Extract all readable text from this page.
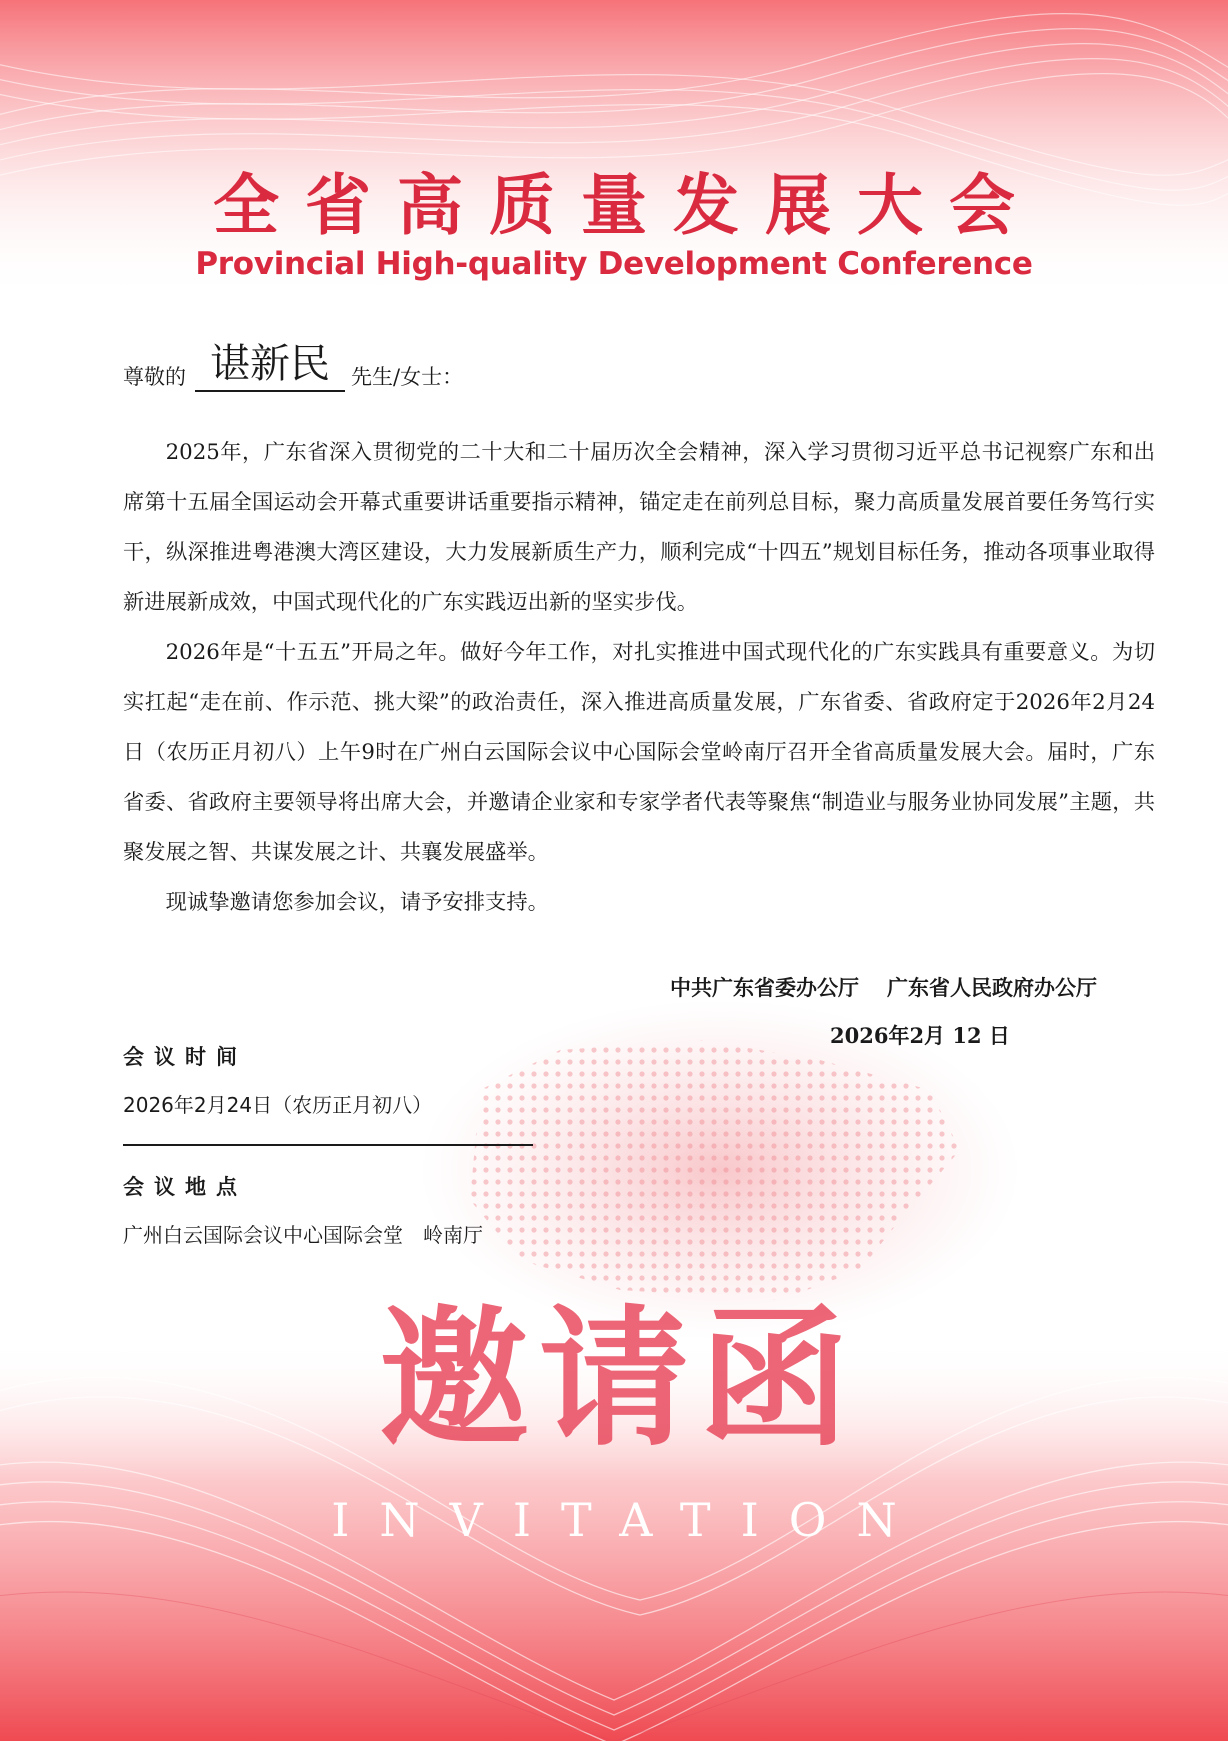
全省高质量发展大会
Provincial High-quality Development Conference
尊敬的 谌新民	先生/女士：

2025年，广东省深入贯彻党的二十大和二十届历次全会精神，深入学习贯彻习近平总书记视察广东和出席第十五届全国运动会开幕式重要讲话重要指示精神，锚定走在前列总目标，聚力高质量发展首要任务笃行实干，纵深推进粤港澳大湾区建设，大力发展新质生产力，顺利完成“十四五”规划目标任务，推动各项事业取得新进展新成效，中国式现代化的广东实践迈出新的坚实步伐。

2026年是“十五五”开局之年。做好今年工作，对扎实推进中国式现代化的广东实践具有重要意义。为切实扛起“走在前、作示范、挑大梁”的政治责任，深入推进高质量发展，广东省委、省政府定于2026年2月24日（农历正月初八）上午9时在广州白云国际会议中心国际会堂岭南厅召开全省高质量发展大会。届时，广东省委、省政府主要领导将出席大会，并邀请企业家和专家学者代表等聚焦“制造业与服务业协同发展”主题，共聚发展之智、共谋发展之计、共襄发展盛举。

现诚挚邀请您参加会议，请予安排支持。

中共广东省委办公厅 广东省人民政府办公厅
2026年2月 12 日
会议时间
2026年2月24日（农历正月初八）
会议地点
广州白云国际会议中心国际会堂　岭南厅
邀请函
INVITATION
